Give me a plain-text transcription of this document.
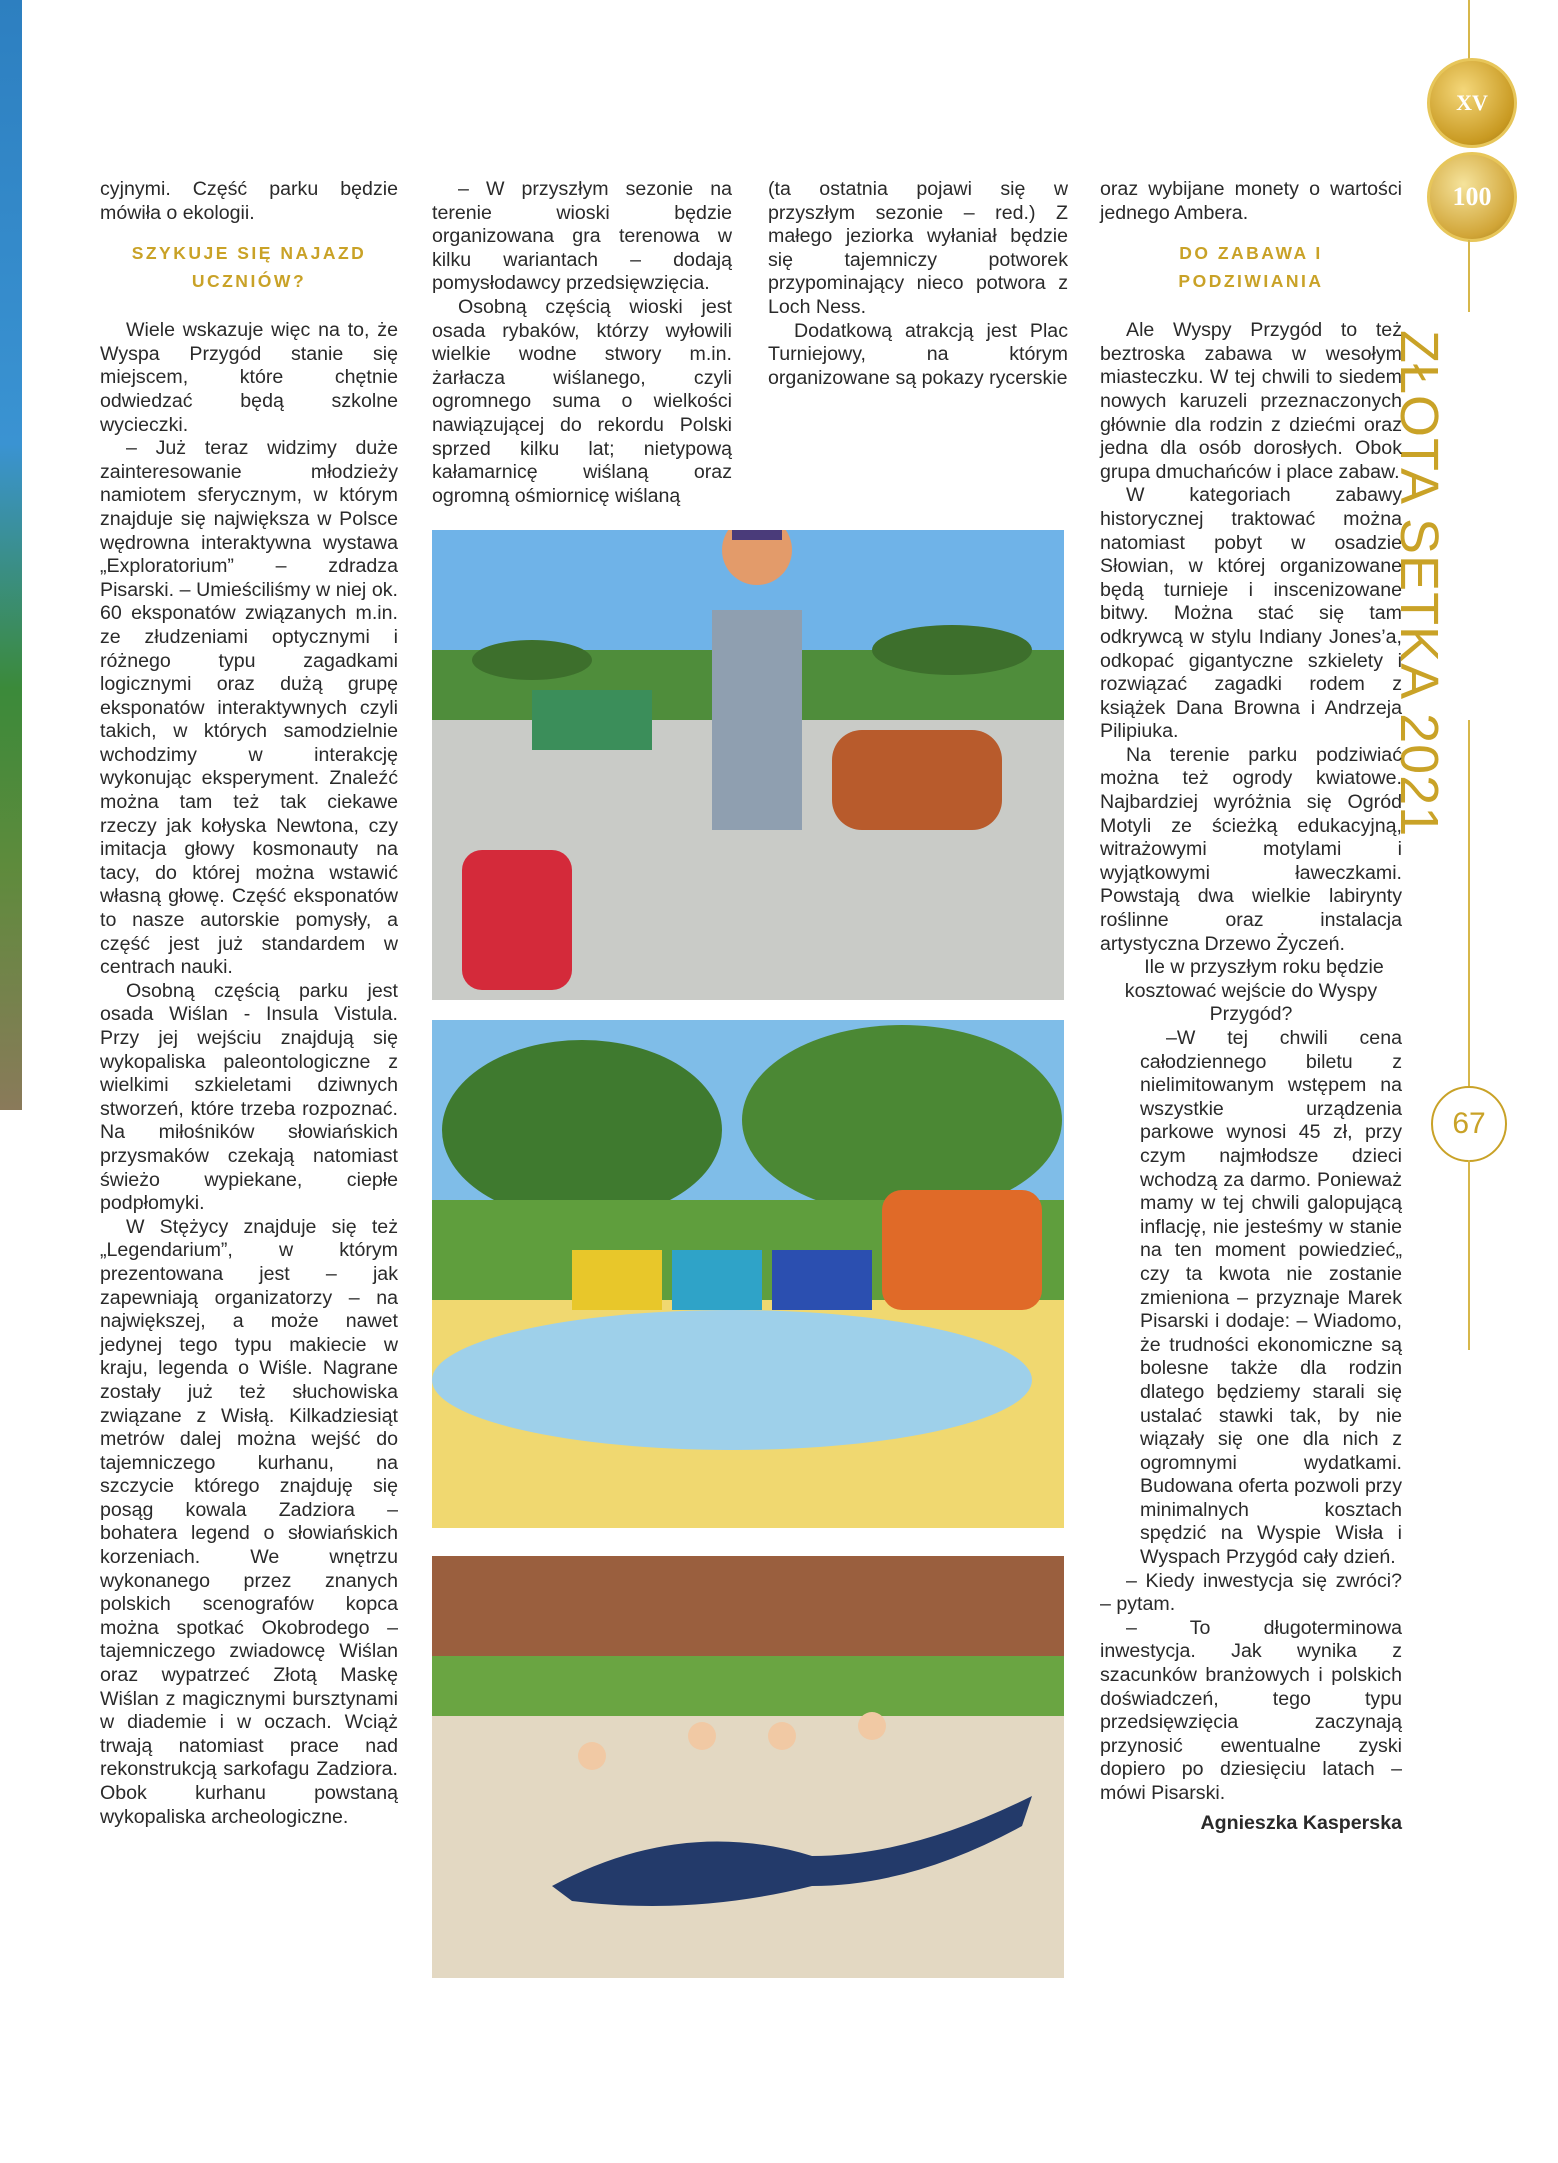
XV
100
ZŁOTA SETKA 2021
67

cyjnymi. Część parku będzie mówiła o ekologii.

SZYKUJE SIĘ NAJAZD UCZNIÓW?

Wiele wskazuje więc na to, że Wyspa Przygód stanie się miejscem, które chętnie odwiedzać będą szkolne wycieczki.

– Już teraz widzimy duże zainteresowanie młodzieży namiotem sferycznym, w którym znajduje się największa w Polsce wędrowna interaktywna wystawa „Exploratorium” – zdradza Pisarski. – Umieściliśmy w niej ok. 60 eksponatów związanych m.in. ze złudzeniami optycznymi i różnego typu zagadkami logicznymi oraz dużą grupę eksponatów interaktywnych czyli takich, w których samodzielnie wchodzimy w interakcję wykonując eksperyment. Znaleźć można tam też tak ciekawe rzeczy jak kołyska Newtona, czy imitacja głowy kosmonauty na tacy, do której można wstawić własną głowę. Część eksponatów to nasze autorskie pomysły, a część jest już standardem w centrach nauki.

Osobną częścią parku jest osada Wiślan - Insula Vistula. Przy jej wejściu znajdują się wykopaliska paleontologiczne z wielkimi szkieletami dziwnych stworzeń, które trzeba rozpoznać. Na miłośników słowiańskich przysmaków czekają natomiast świeżo wypiekane, ciepłe podpłomyki.

W Stężycy znajduje się też „Legendarium”, w którym prezentowana jest – jak zapewniają organizatorzy – na największej, a może nawet jedynej tego typu makiecie w kraju, legenda o Wiśle. Nagrane zostały już też słuchowiska związane z Wisłą. Kilkadziesiąt metrów dalej można wejść do tajemniczego kurhanu, na szczycie którego znajduję się posąg kowala Zadziora – bohatera legend o słowiańskich korzeniach. We wnętrzu wykonanego przez znanych polskich scenografów kopca można spotkać Okobrodego – tajemniczego zwiadowcę Wiślan oraz wypatrzeć Złotą Maskę Wiślan z magicznymi bursztynami w diademie i w oczach. Wciąż trwają natomiast prace nad rekonstrukcją sarkofagu Zadziora. Obok kurhanu powstaną wykopaliska archeologiczne.

– W przyszłym sezonie na terenie wioski będzie organizowana gra terenowa w kilku wariantach – dodają pomysłodawcy przedsięwzięcia.

Osobną częścią wioski jest osada rybaków, którzy wyłowili wielkie wodne stwory m.in. żarłacza wiślanego, czyli ogromnego suma o wielkości nawiązującej do rekordu Polski sprzed kilku lat; nietypową kałamarnicę wiślaną oraz ogromną ośmiornicę wiślaną

(ta ostatnia pojawi się w przyszłym sezonie – red.) Z małego jeziorka wyłaniał będzie się tajemniczy potworek przypominający nieco potwora z Loch Ness.

Dodatkową atrakcją jest Plac Turniejowy, na którym organizowane są pokazy rycerskie

oraz wybijane monety o wartości jednego Ambera.

DO ZABAWA I PODZIWIANIA

Ale Wyspy Przygód to też beztroska zabawa w wesołym miasteczku. W tej chwili to siedem nowych karuzeli przeznaczonych głównie dla rodzin z dziećmi oraz jedna dla osób dorosłych. Obok grupa dmuchańców i place zabaw.

W kategoriach zabawy historycznej traktować można natomiast pobyt w osadzie Słowian, w której organizowane będą turnieje i inscenizowane bitwy. Można stać się tam odkrywcą w stylu Indiany Jones’a, odkopać gigantyczne szkielety i rozwiązać zagadki rodem z książek Dana Browna i Andrzeja Pilipiuka.

Na terenie parku podziwiać można też ogrody kwiatowe. Najbardziej wyróżnia się Ogród Motyli ze ścieżką edukacyjną, witrażowymi motylami i wyjątkowymi ławeczkami. Powstają dwa wielkie labirynty roślinne oraz instalacja artystyczna Drzewo Życzeń.

Ile w przyszłym roku będzie kosztować wejście do Wyspy Przygód?

–W tej chwili cena całodziennego biletu z nielimitowanym wstępem na wszystkie urządzenia parkowe wynosi 45 zł, przy czym najmłodsze dzieci wchodzą za darmo. Ponieważ mamy w tej chwili galopującą inflację, nie jesteśmy w stanie na ten moment powiedzieć„ czy ta kwota nie zostanie zmieniona – przyznaje Marek Pisarski i dodaje: – Wiadomo, że trudności ekonomiczne są bolesne także dla rodzin dlatego będziemy starali się ustalać stawki tak, by nie wiązały się one dla nich z ogromnymi wydatkami. Budowana oferta pozwoli przy minimalnych kosztach spędzić na Wyspie Wisła i Wyspach Przygód cały dzień.

– Kiedy inwestycja się zwróci? – pytam.

– To długoterminowa inwestycja. Jak wynika z szacunków branżowych i polskich doświadczeń, tego typu przedsięwzięcia zaczynają przynosić ewentualne zyski dopiero po dziesięciu latach – mówi Pisarski.

Agnieszka Kasperska
